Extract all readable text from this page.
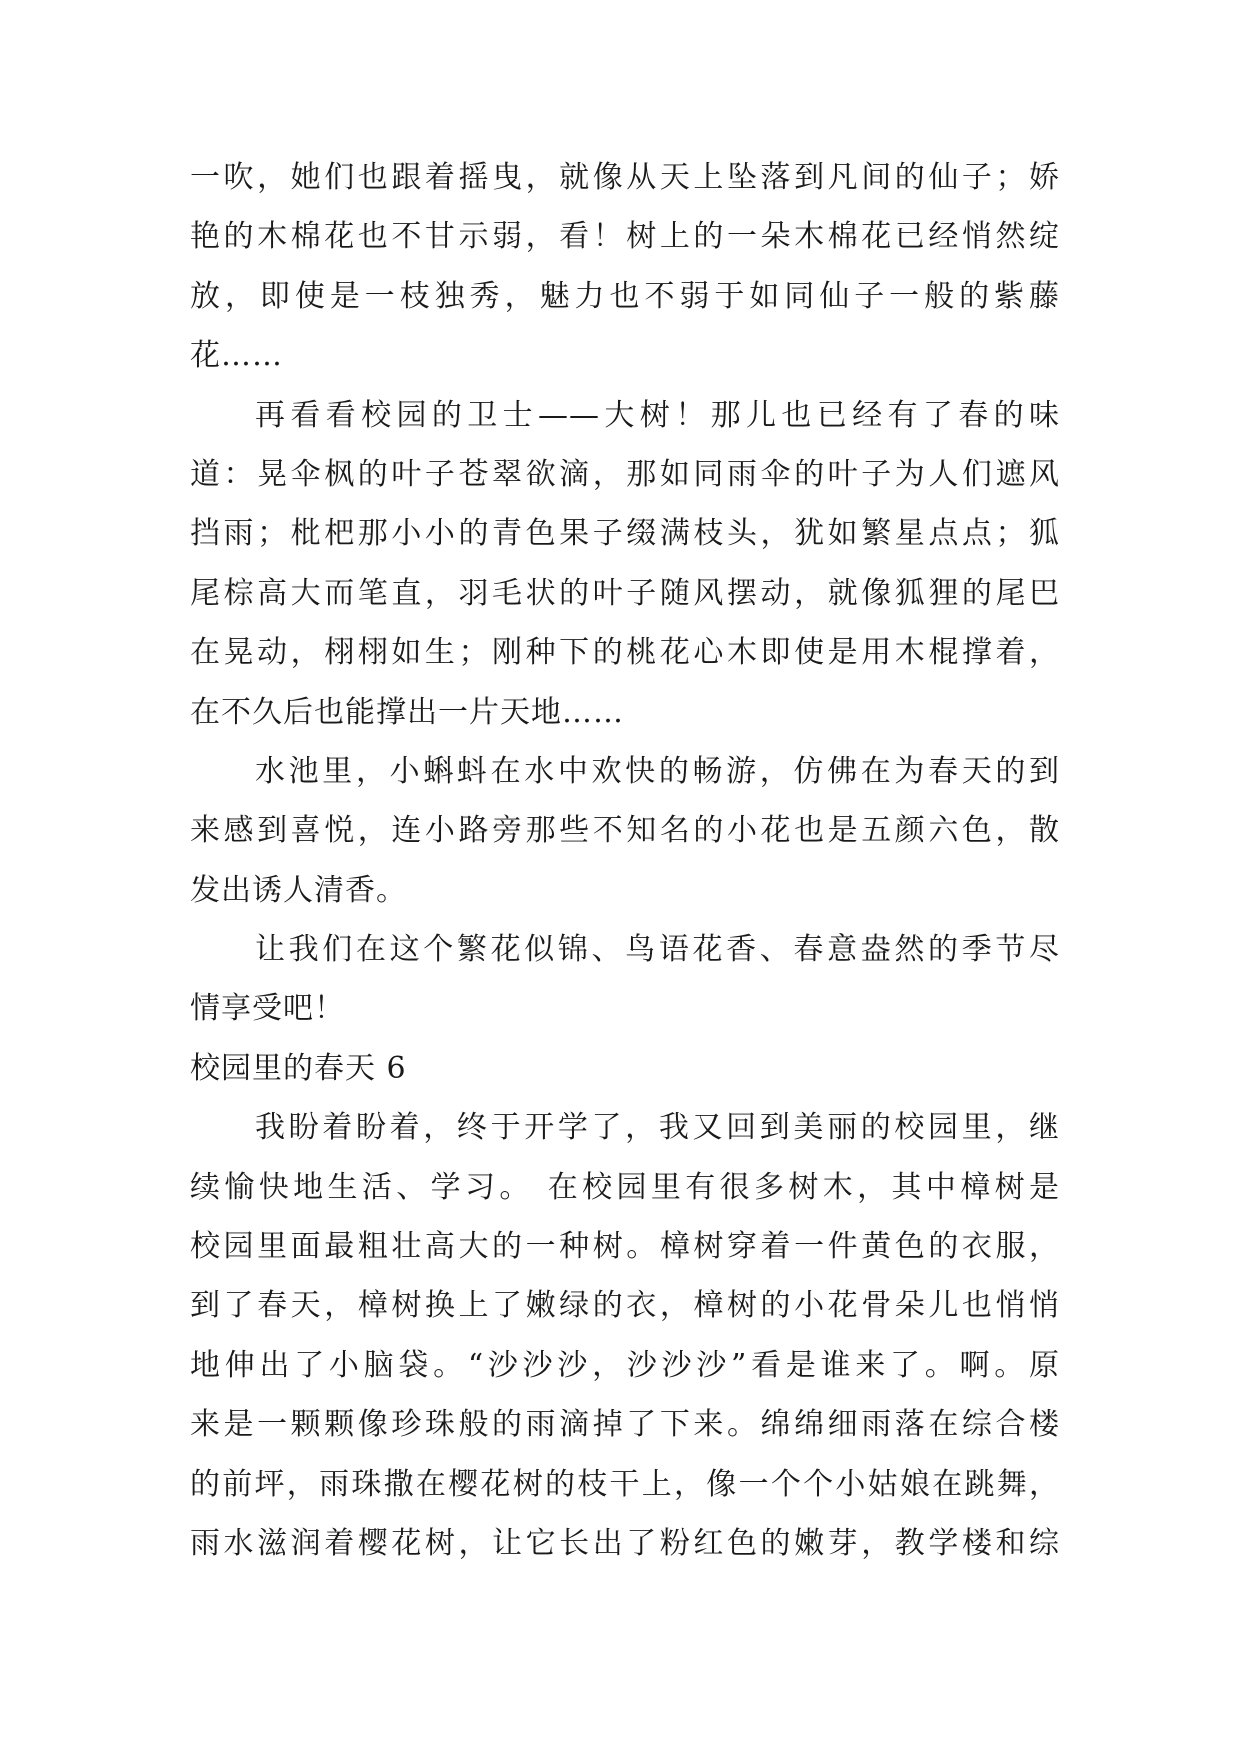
一吹，她们也跟着摇曳，就像从天上坠落到凡间的仙子；娇
艳的木棉花也不甘示弱，看！树上的一朵木棉花已经悄然绽
放，即使是一枝独秀，魅力也不弱于如同仙子一般的紫藤
花……
再看看校园的卫士——大树！那儿也已经有了春的味
道：晃伞枫的叶子苍翠欲滴，那如同雨伞的叶子为人们遮风
挡雨；枇杷那小小的青色果子缀满枝头，犹如繁星点点；狐
尾棕高大而笔直，羽毛状的叶子随风摆动，就像狐狸的尾巴
在晃动，栩栩如生；刚种下的桃花心木即使是用木棍撑着，
在不久后也能撑出一片天地……
水池里，小蝌蚪在水中欢快的畅游，仿佛在为春天的到
来感到喜悦，连小路旁那些不知名的小花也是五颜六色，散
发出诱人清香。
让我们在这个繁花似锦、鸟语花香、春意盎然的季节尽
情享受吧！
校园里的春天 6
我盼着盼着，终于开学了，我又回到美丽的校园里，继
续愉快地生活、学习。 在校园里有很多树木，其中樟树是
校园里面最粗壮高大的一种树。樟树穿着一件黄色的衣服，
到了春天，樟树换上了嫩绿的衣，樟树的小花骨朵儿也悄悄
地伸出了小脑袋。“沙沙沙，沙沙沙”看是谁来了。啊。原
来是一颗颗像珍珠般的雨滴掉了下来。绵绵细雨落在综合楼
的前坪，雨珠撒在樱花树的枝干上，像一个个小姑娘在跳舞，
雨水滋润着樱花树，让它长出了粉红色的嫩芽，教学楼和综
